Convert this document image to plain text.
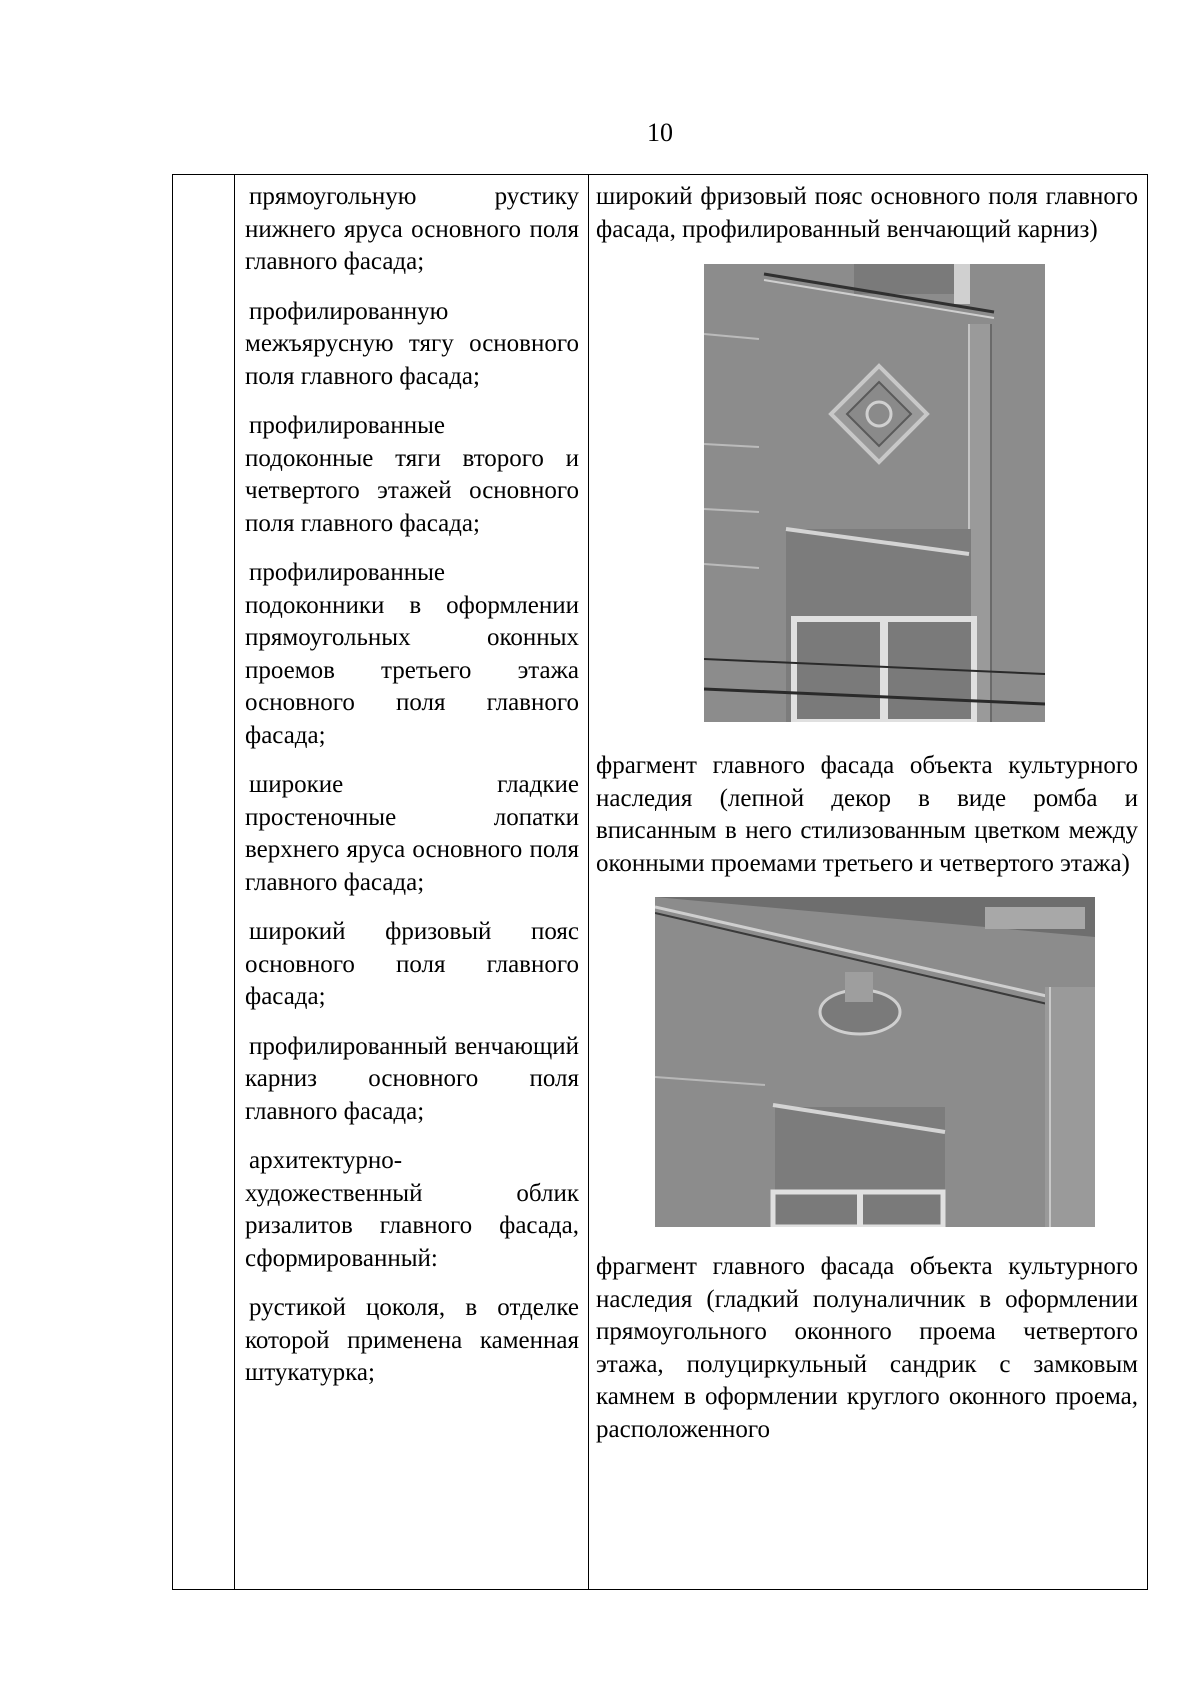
10

прямоугольную рустику нижнего яруса основного поля главного фасада;

профилированную межъярусную тягу основного поля главного фасада;

профилированные подоконные тяги второго и четвертого этажей основного поля главного фасада;

профилированные подоконники в оформлении прямоугольных оконных проемов третьего этажа основного поля главного фасада;

широкие гладкие простеночные лопатки верхнего яруса основного поля главного фасада;

широкий фризовый пояс основного поля главного фасада;

профилированный венчающий карниз основного поля главного фасада;

архитектурно-художественный облик ризалитов главного фасада, сформированный:

рустикой цоколя, в отделке которой применена каменная штукатурка;

широкий фризовый пояс основного поля главного фасада, профилированный венчающий карниз)

фрагмент главного фасада объекта культурного наследия (лепной декор в виде ромба и вписанным в него стилизованным цветком между оконными проемами третьего и четвертого этажа)

фрагмент главного фасада объекта культурного наследия (гладкий полуналичник в оформлении прямоугольного оконного проема четвертого этажа, полуциркульный сандрик с замковым камнем в оформлении круглого оконного проема, расположенного
